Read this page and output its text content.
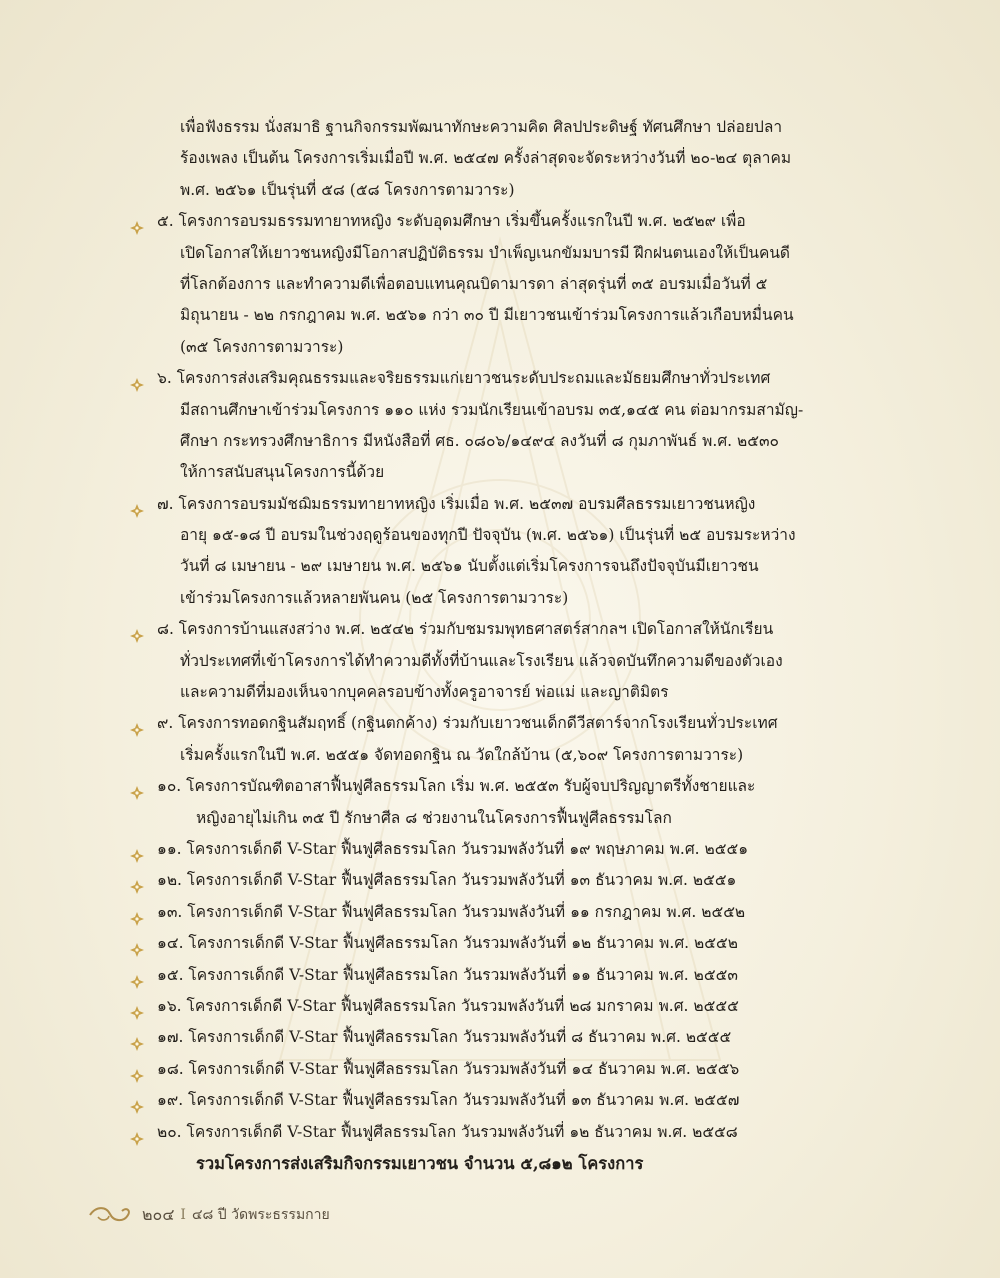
เพื่อฟังธรรม นั่งสมาธิ ฐานกิจกรรมพัฒนาทักษะความคิด ศิลปประดิษฐ์ ทัศนศึกษา ปล่อยปลา
ร้องเพลง เป็นต้น โครงการเริ่มเมื่อปี พ.ศ. ๒๕๔๗ ครั้งล่าสุดจะจัดระหว่างวันที่ ๒๐-๒๔ ตุลาคม
พ.ศ. ๒๕๖๑ เป็นรุ่นที่ ๕๘ (๕๘ โครงการตามวาระ)
๕. โครงการอบรมธรรมทายาทหญิง ระดับอุดมศึกษา เริ่มขึ้นครั้งแรกในปี พ.ศ. ๒๕๒๙ เพื่อ
เปิดโอกาสให้เยาวชนหญิงมีโอกาสปฏิบัติธรรม บำเพ็ญเนกขัมมบารมี ฝึกฝนตนเองให้เป็นคนดี
ที่โลกต้องการ และทำความดีเพื่อตอบแทนคุณบิดามารดา ล่าสุดรุ่นที่ ๓๕ อบรมเมื่อวันที่ ๕
มิถุนายน - ๒๒ กรกฎาคม พ.ศ. ๒๕๖๑ กว่า ๓๐ ปี มีเยาวชนเข้าร่วมโครงการแล้วเกือบหมื่นคน
(๓๕ โครงการตามวาระ)
๖. โครงการส่งเสริมคุณธรรมและจริยธรรมแก่เยาวชนระดับประถมและมัธยมศึกษาทั่วประเทศ
มีสถานศึกษาเข้าร่วมโครงการ ๑๑๐ แห่ง รวมนักเรียนเข้าอบรม ๓๕,๑๔๕ คน ต่อมากรมสามัญ-
ศึกษา กระทรวงศึกษาธิการ มีหนังสือที่ ศธ. ๐๘๐๖/๑๔๙๔ ลงวันที่ ๘ กุมภาพันธ์ พ.ศ. ๒๕๓๐
ให้การสนับสนุนโครงการนี้ด้วย
๗. โครงการอบรมมัชฌิมธรรมทายาทหญิง เริ่มเมื่อ พ.ศ. ๒๕๓๗ อบรมศีลธรรมเยาวชนหญิง
อายุ ๑๕-๑๘ ปี อบรมในช่วงฤดูร้อนของทุกปี ปัจจุบัน (พ.ศ. ๒๕๖๑) เป็นรุ่นที่ ๒๕ อบรมระหว่าง
วันที่ ๘ เมษายน - ๒๙ เมษายน พ.ศ. ๒๕๖๑ นับตั้งแต่เริ่มโครงการจนถึงปัจจุบันมีเยาวชน
เข้าร่วมโครงการแล้วหลายพันคน (๒๕ โครงการตามวาระ)
๘. โครงการบ้านแสงสว่าง พ.ศ. ๒๕๔๒ ร่วมกับชมรมพุทธศาสตร์สากลฯ เปิดโอกาสให้นักเรียน
ทั่วประเทศที่เข้าโครงการได้ทำความดีทั้งที่บ้านและโรงเรียน แล้วจดบันทึกความดีของตัวเอง
และความดีที่มองเห็นจากบุคคลรอบข้างทั้งครูอาจารย์ พ่อแม่ และญาติมิตร
๙. โครงการทอดกฐินสัมฤทธิ์ (กฐินตกค้าง) ร่วมกับเยาวชนเด็กดีวีสตาร์จากโรงเรียนทั่วประเทศ
เริ่มครั้งแรกในปี พ.ศ. ๒๕๕๑ จัดทอดกฐิน ณ วัดใกล้บ้าน (๕,๖๐๙ โครงการตามวาระ)
๑๐. โครงการบัณฑิตอาสาฟื้นฟูศีลธรรมโลก เริ่ม พ.ศ. ๒๕๕๓ รับผู้จบปริญญาตรีทั้งชายและ
หญิงอายุไม่เกิน ๓๕ ปี รักษาศีล ๘ ช่วยงานในโครงการฟื้นฟูศีลธรรมโลก
๑๑. โครงการเด็กดี V-Star ฟื้นฟูศีลธรรมโลก วันรวมพลังวันที่ ๑๙ พฤษภาคม พ.ศ. ๒๕๕๑
๑๒. โครงการเด็กดี V-Star ฟื้นฟูศีลธรรมโลก วันรวมพลังวันที่ ๑๓ ธันวาคม พ.ศ. ๒๕๕๑
๑๓. โครงการเด็กดี V-Star ฟื้นฟูศีลธรรมโลก วันรวมพลังวันที่ ๑๑ กรกฎาคม พ.ศ. ๒๕๕๒
๑๔. โครงการเด็กดี V-Star ฟื้นฟูศีลธรรมโลก วันรวมพลังวันที่ ๑๒ ธันวาคม พ.ศ. ๒๕๕๒
๑๕. โครงการเด็กดี V-Star ฟื้นฟูศีลธรรมโลก วันรวมพลังวันที่ ๑๑ ธันวาคม พ.ศ. ๒๕๕๓
๑๖. โครงการเด็กดี V-Star ฟื้นฟูศีลธรรมโลก วันรวมพลังวันที่ ๒๘ มกราคม พ.ศ. ๒๕๕๕
๑๗. โครงการเด็กดี V-Star ฟื้นฟูศีลธรรมโลก วันรวมพลังวันที่ ๘ ธันวาคม พ.ศ. ๒๕๕๕
๑๘. โครงการเด็กดี V-Star ฟื้นฟูศีลธรรมโลก วันรวมพลังวันที่ ๑๔ ธันวาคม พ.ศ. ๒๕๕๖
๑๙. โครงการเด็กดี V-Star ฟื้นฟูศีลธรรมโลก วันรวมพลังวันที่ ๑๓ ธันวาคม พ.ศ. ๒๕๕๗
๒๐. โครงการเด็กดี V-Star ฟื้นฟูศีลธรรมโลก วันรวมพลังวันที่ ๑๒ ธันวาคม พ.ศ. ๒๕๕๘
รวมโครงการส่งเสริมกิจกรรมเยาวชน จำนวน ๕,๘๑๒ โครงการ
๒๐๔ I ๔๘ ปี วัดพระธรรมกาย
